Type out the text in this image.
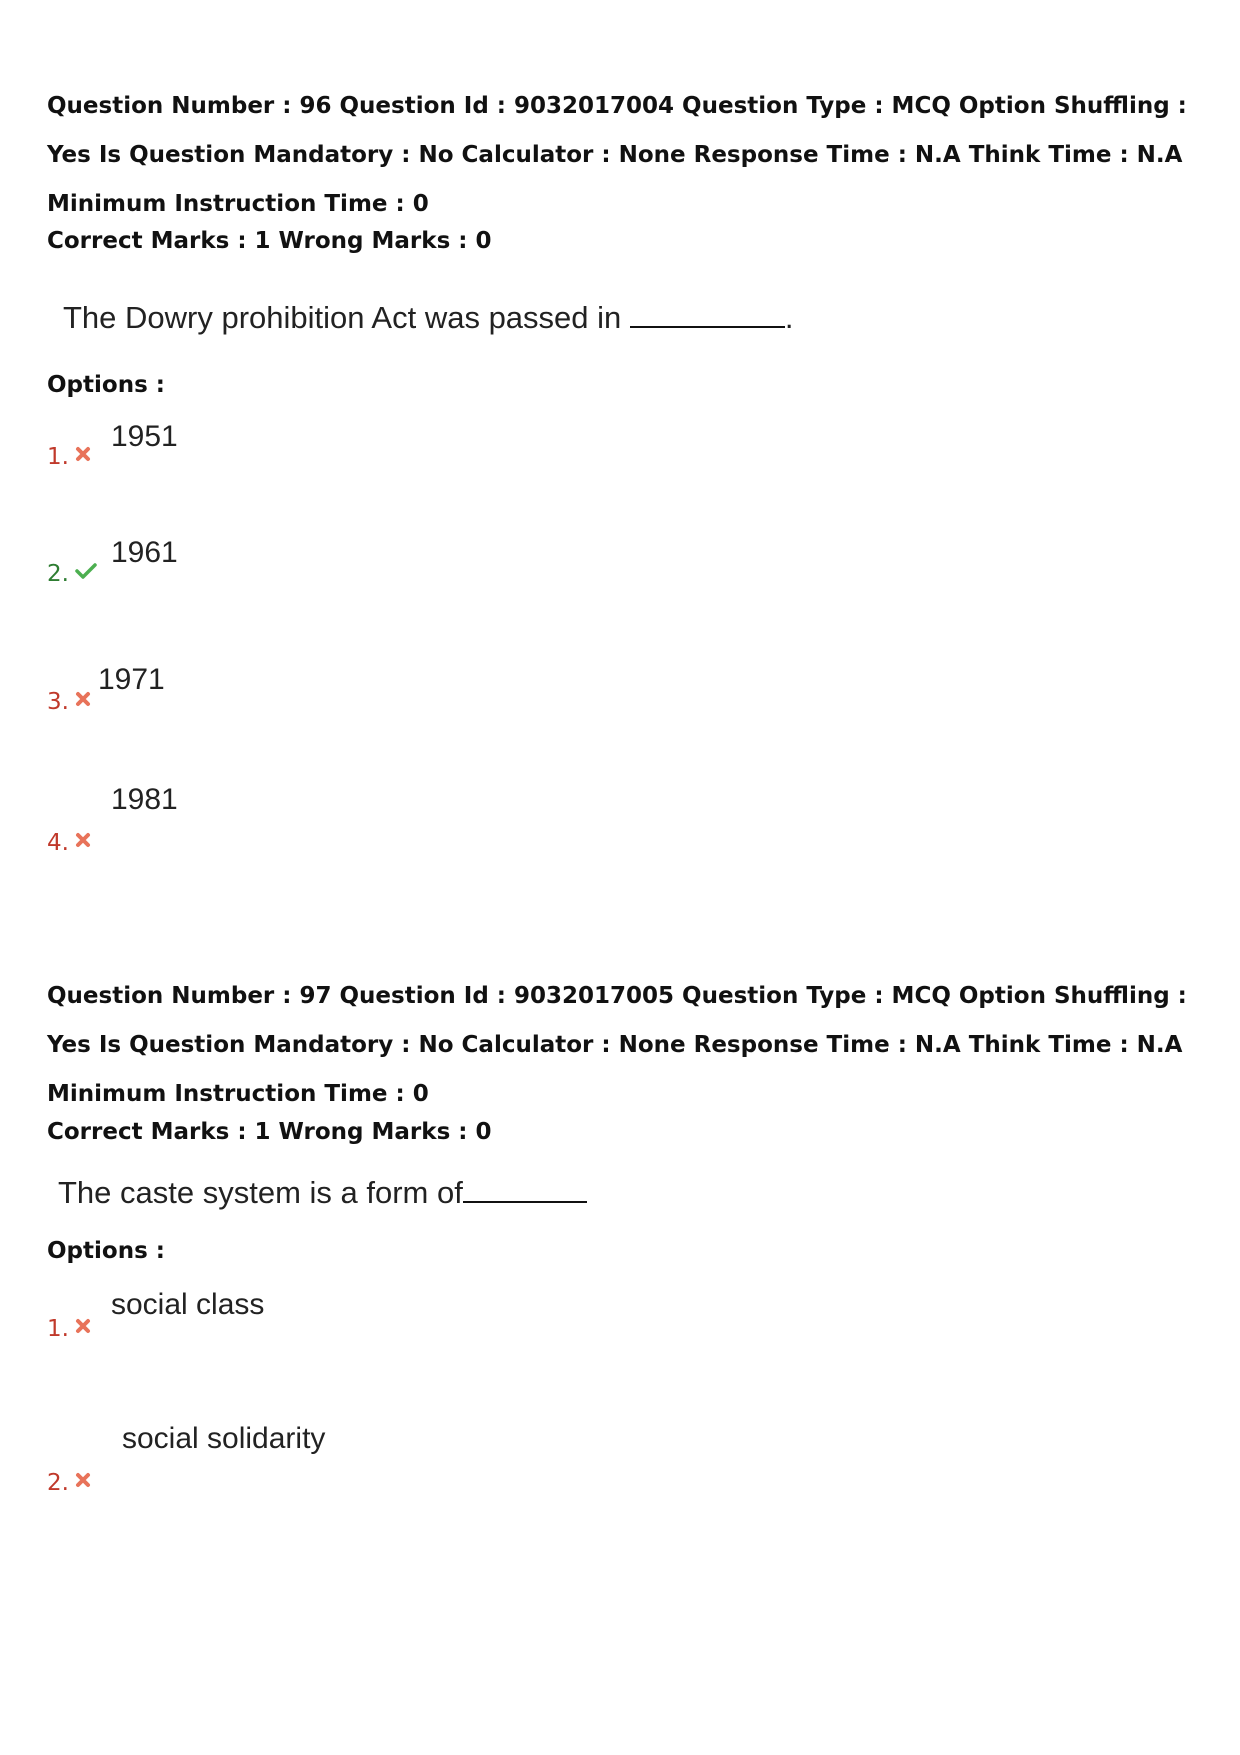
Question Number : 96 Question Id : 9032017004 Question Type : MCQ Option Shuffling : Yes Is Question Mandatory : No Calculator : None Response Time : N.A Think Time : N.A Minimum Instruction Time : 0
Correct Marks : 1 Wrong Marks : 0
The Dowry prohibition Act was passed in	.
Options :
1951
1.
1961
2.
1971
3.
1981
4.
Question Number : 97 Question Id : 9032017005 Question Type : MCQ Option Shuffling : Yes Is Question Mandatory : No Calculator : None Response Time : N.A Think Time : N.A Minimum Instruction Time : 0
Correct Marks : 1 Wrong Marks : 0
The caste system is a form of
Options :
social class
1.
social solidarity
2.
